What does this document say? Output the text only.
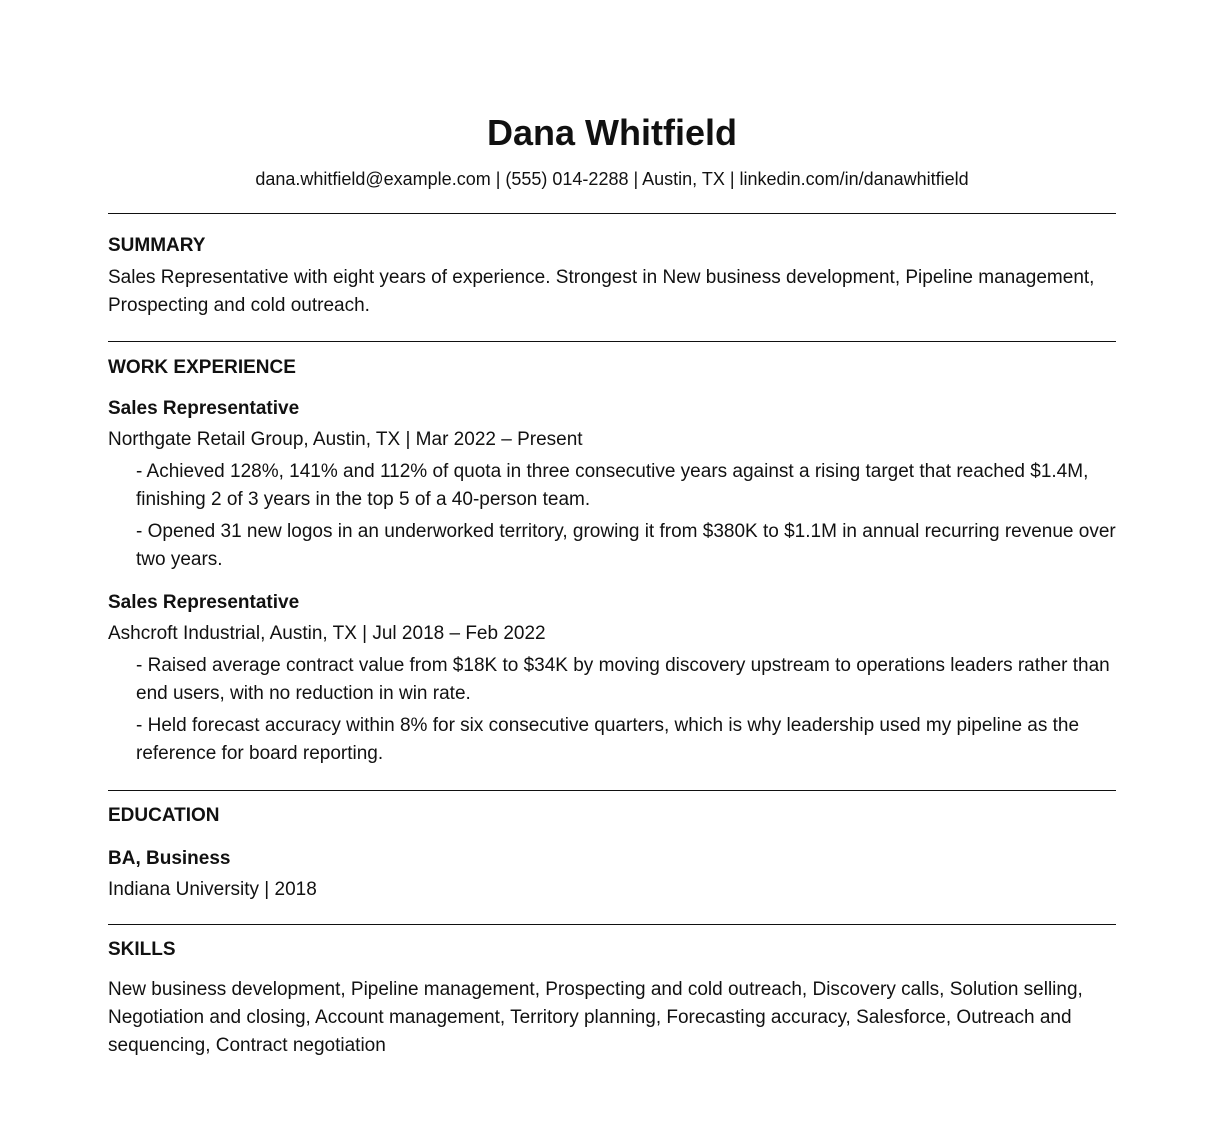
Dana Whitfield
dana.whitfield@example.com | (555) 014-2288 | Austin, TX | linkedin.com/in/danawhitfield
SUMMARY
Sales Representative with eight years of experience. Strongest in New business development, Pipeline management, Prospecting and cold outreach.
WORK EXPERIENCE
Sales Representative
Northgate Retail Group, Austin, TX | Mar 2022 – Present
- Achieved 128%, 141% and 112% of quota in three consecutive years against a rising target that reached $1.4M, finishing 2 of 3 years in the top 5 of a 40-person team.
- Opened 31 new logos in an underworked territory, growing it from $380K to $1.1M in annual recurring revenue over two years.
Sales Representative
Ashcroft Industrial, Austin, TX | Jul 2018 – Feb 2022
- Raised average contract value from $18K to $34K by moving discovery upstream to operations leaders rather than end users, with no reduction in win rate.
- Held forecast accuracy within 8% for six consecutive quarters, which is why leadership used my pipeline as the reference for board reporting.
EDUCATION
BA, Business
Indiana University | 2018
SKILLS
New business development, Pipeline management, Prospecting and cold outreach, Discovery calls, Solution selling, Negotiation and closing, Account management, Territory planning, Forecasting accuracy, Salesforce, Outreach and sequencing, Contract negotiation
